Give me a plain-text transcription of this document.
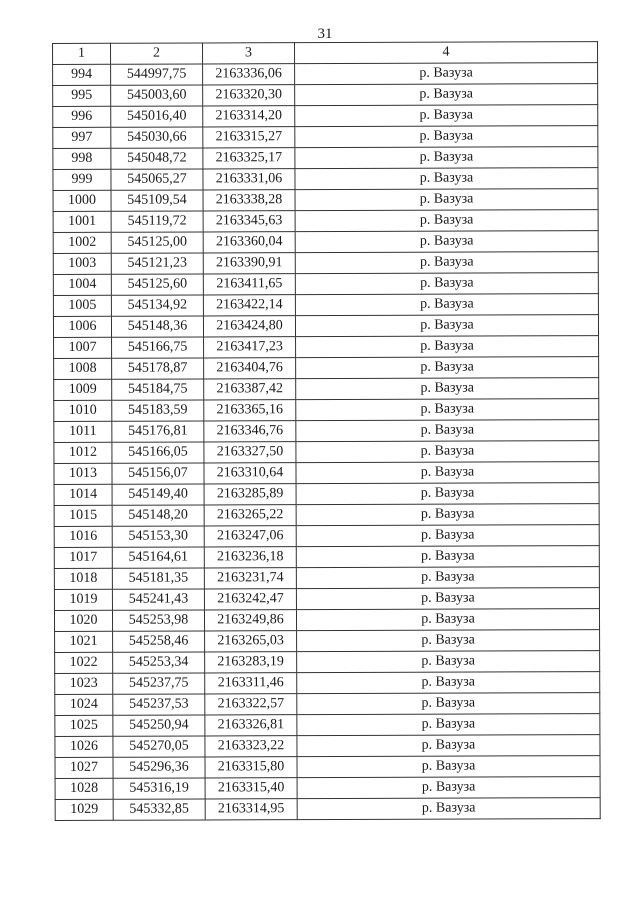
31
1	2	3	4
994	544997,75	2163336,06	р. Вазуза
995	545003,60	2163320,30	р. Вазуза
996	545016,40	2163314,20	р. Вазуза
997	545030,66	2163315,27	р. Вазуза
998	545048,72	2163325,17	р. Вазуза
999	545065,27	2163331,06	р. Вазуза
1000	545109,54	2163338,28	р. Вазуза
1001	545119,72	2163345,63	р. Вазуза
1002	545125,00	2163360,04	р. Вазуза
1003	545121,23	2163390,91	р. Вазуза
1004	545125,60	2163411,65	р. Вазуза
1005	545134,92	2163422,14	р. Вазуза
1006	545148,36	2163424,80	р. Вазуза
1007	545166,75	2163417,23	р. Вазуза
1008	545178,87	2163404,76	р. Вазуза
1009	545184,75	2163387,42	р. Вазуза
1010	545183,59	2163365,16	р. Вазуза
1011	545176,81	2163346,76	р. Вазуза
1012	545166,05	2163327,50	р. Вазуза
1013	545156,07	2163310,64	р. Вазуза
1014	545149,40	2163285,89	р. Вазуза
1015	545148,20	2163265,22	р. Вазуза
1016	545153,30	2163247,06	р. Вазуза
1017	545164,61	2163236,18	р. Вазуза
1018	545181,35	2163231,74	р. Вазуза
1019	545241,43	2163242,47	р. Вазуза
1020	545253,98	2163249,86	р. Вазуза
1021	545258,46	2163265,03	р. Вазуза
1022	545253,34	2163283,19	р. Вазуза
1023	545237,75	2163311,46	р. Вазуза
1024	545237,53	2163322,57	р. Вазуза
1025	545250,94	2163326,81	р. Вазуза
1026	545270,05	2163323,22	р. Вазуза
1027	545296,36	2163315,80	р. Вазуза
1028	545316,19	2163315,40	р. Вазуза
1029	545332,85	2163314,95	р. Вазуза
